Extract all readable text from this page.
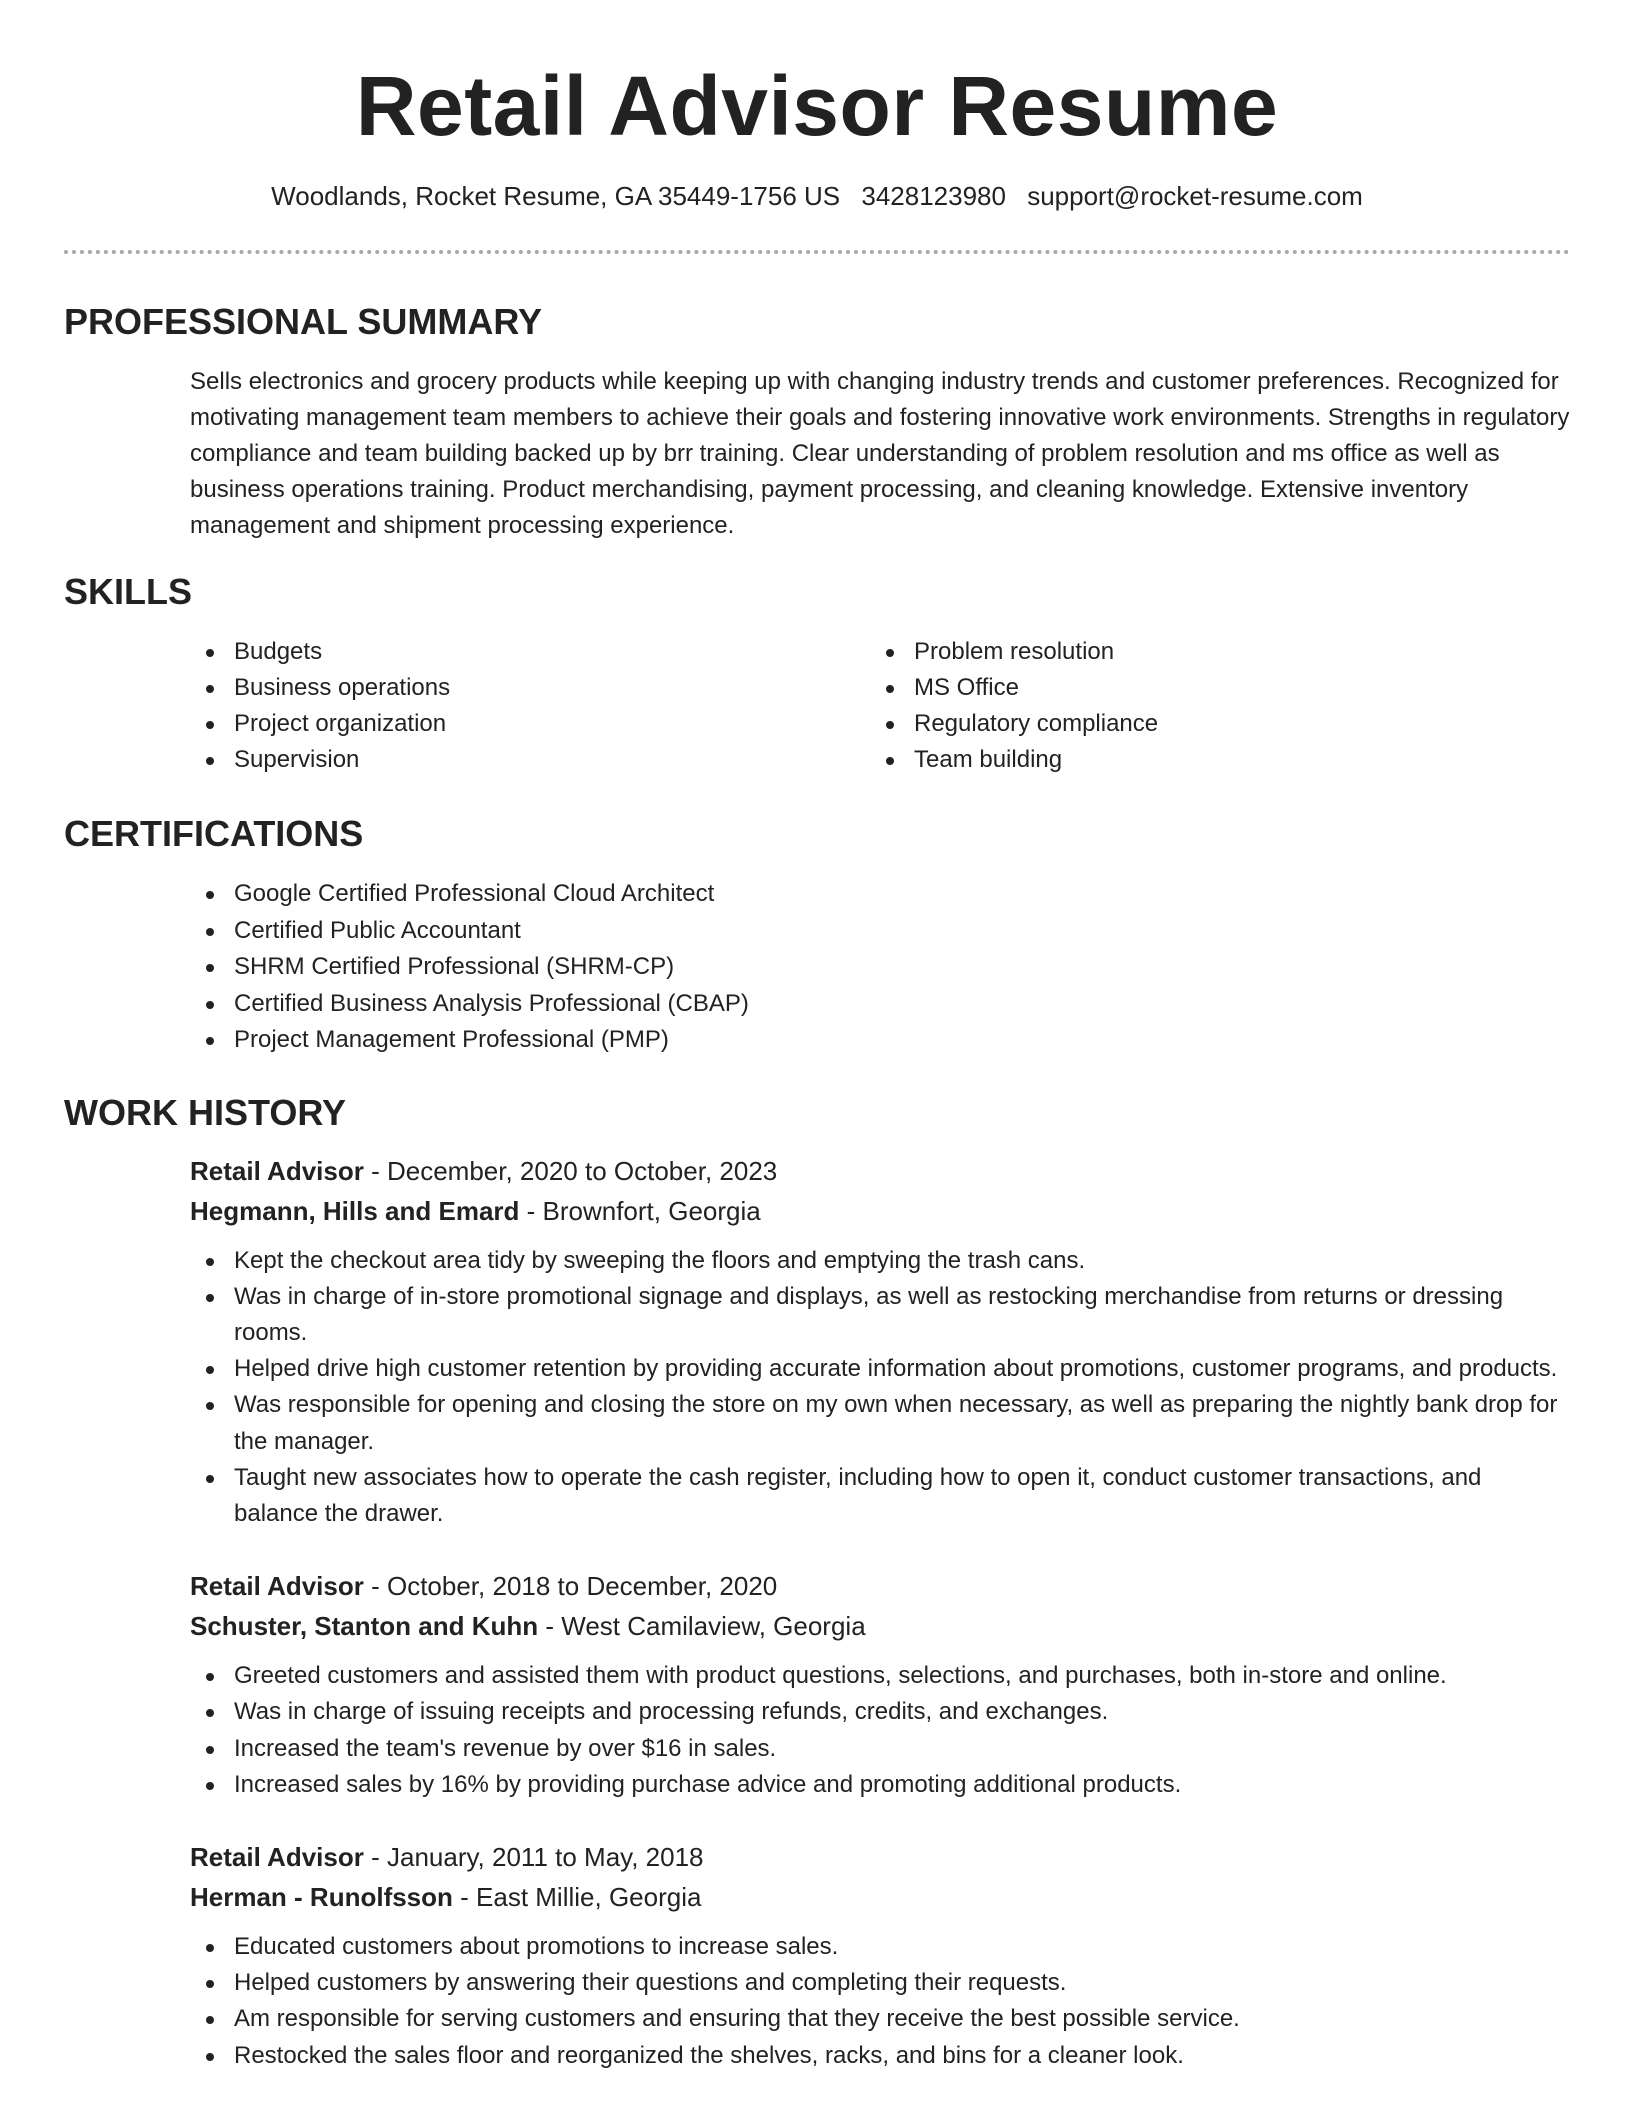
Retail Advisor Resume
Woodlands, Rocket Resume, GA 35449-1756 US 3428123980 support@rocket-resume.com
PROFESSIONAL SUMMARY
Sells electronics and grocery products while keeping up with changing industry trends and customer preferences. Recognized for motivating management team members to achieve their goals and fostering innovative work environments. Strengths in regulatory compliance and team building backed up by brr training. Clear understanding of problem resolution and ms office as well as business operations training. Product merchandising, payment processing, and cleaning knowledge. Extensive inventory management and shipment processing experience.
SKILLS
Budgets
Business operations
Project organization
Supervision
Problem resolution
MS Office
Regulatory compliance
Team building
CERTIFICATIONS
Google Certified Professional Cloud Architect
Certified Public Accountant
SHRM Certified Professional (SHRM-CP)
Certified Business Analysis Professional (CBAP)
Project Management Professional (PMP)
WORK HISTORY
Retail Advisor - December, 2020 to October, 2023
Hegmann, Hills and Emard - Brownfort, Georgia
Kept the checkout area tidy by sweeping the floors and emptying the trash cans.
Was in charge of in-store promotional signage and displays, as well as restocking merchandise from returns or dressing rooms.
Helped drive high customer retention by providing accurate information about promotions, customer programs, and products.
Was responsible for opening and closing the store on my own when necessary, as well as preparing the nightly bank drop for the manager.
Taught new associates how to operate the cash register, including how to open it, conduct customer transactions, and balance the drawer.
Retail Advisor - October, 2018 to December, 2020
Schuster, Stanton and Kuhn - West Camilaview, Georgia
Greeted customers and assisted them with product questions, selections, and purchases, both in-store and online.
Was in charge of issuing receipts and processing refunds, credits, and exchanges.
Increased the team's revenue by over $16 in sales.
Increased sales by 16% by providing purchase advice and promoting additional products.
Retail Advisor - January, 2011 to May, 2018
Herman - Runolfsson - East Millie, Georgia
Educated customers about promotions to increase sales.
Helped customers by answering their questions and completing their requests.
Am responsible for serving customers and ensuring that they receive the best possible service.
Restocked the sales floor and reorganized the shelves, racks, and bins for a cleaner look.
